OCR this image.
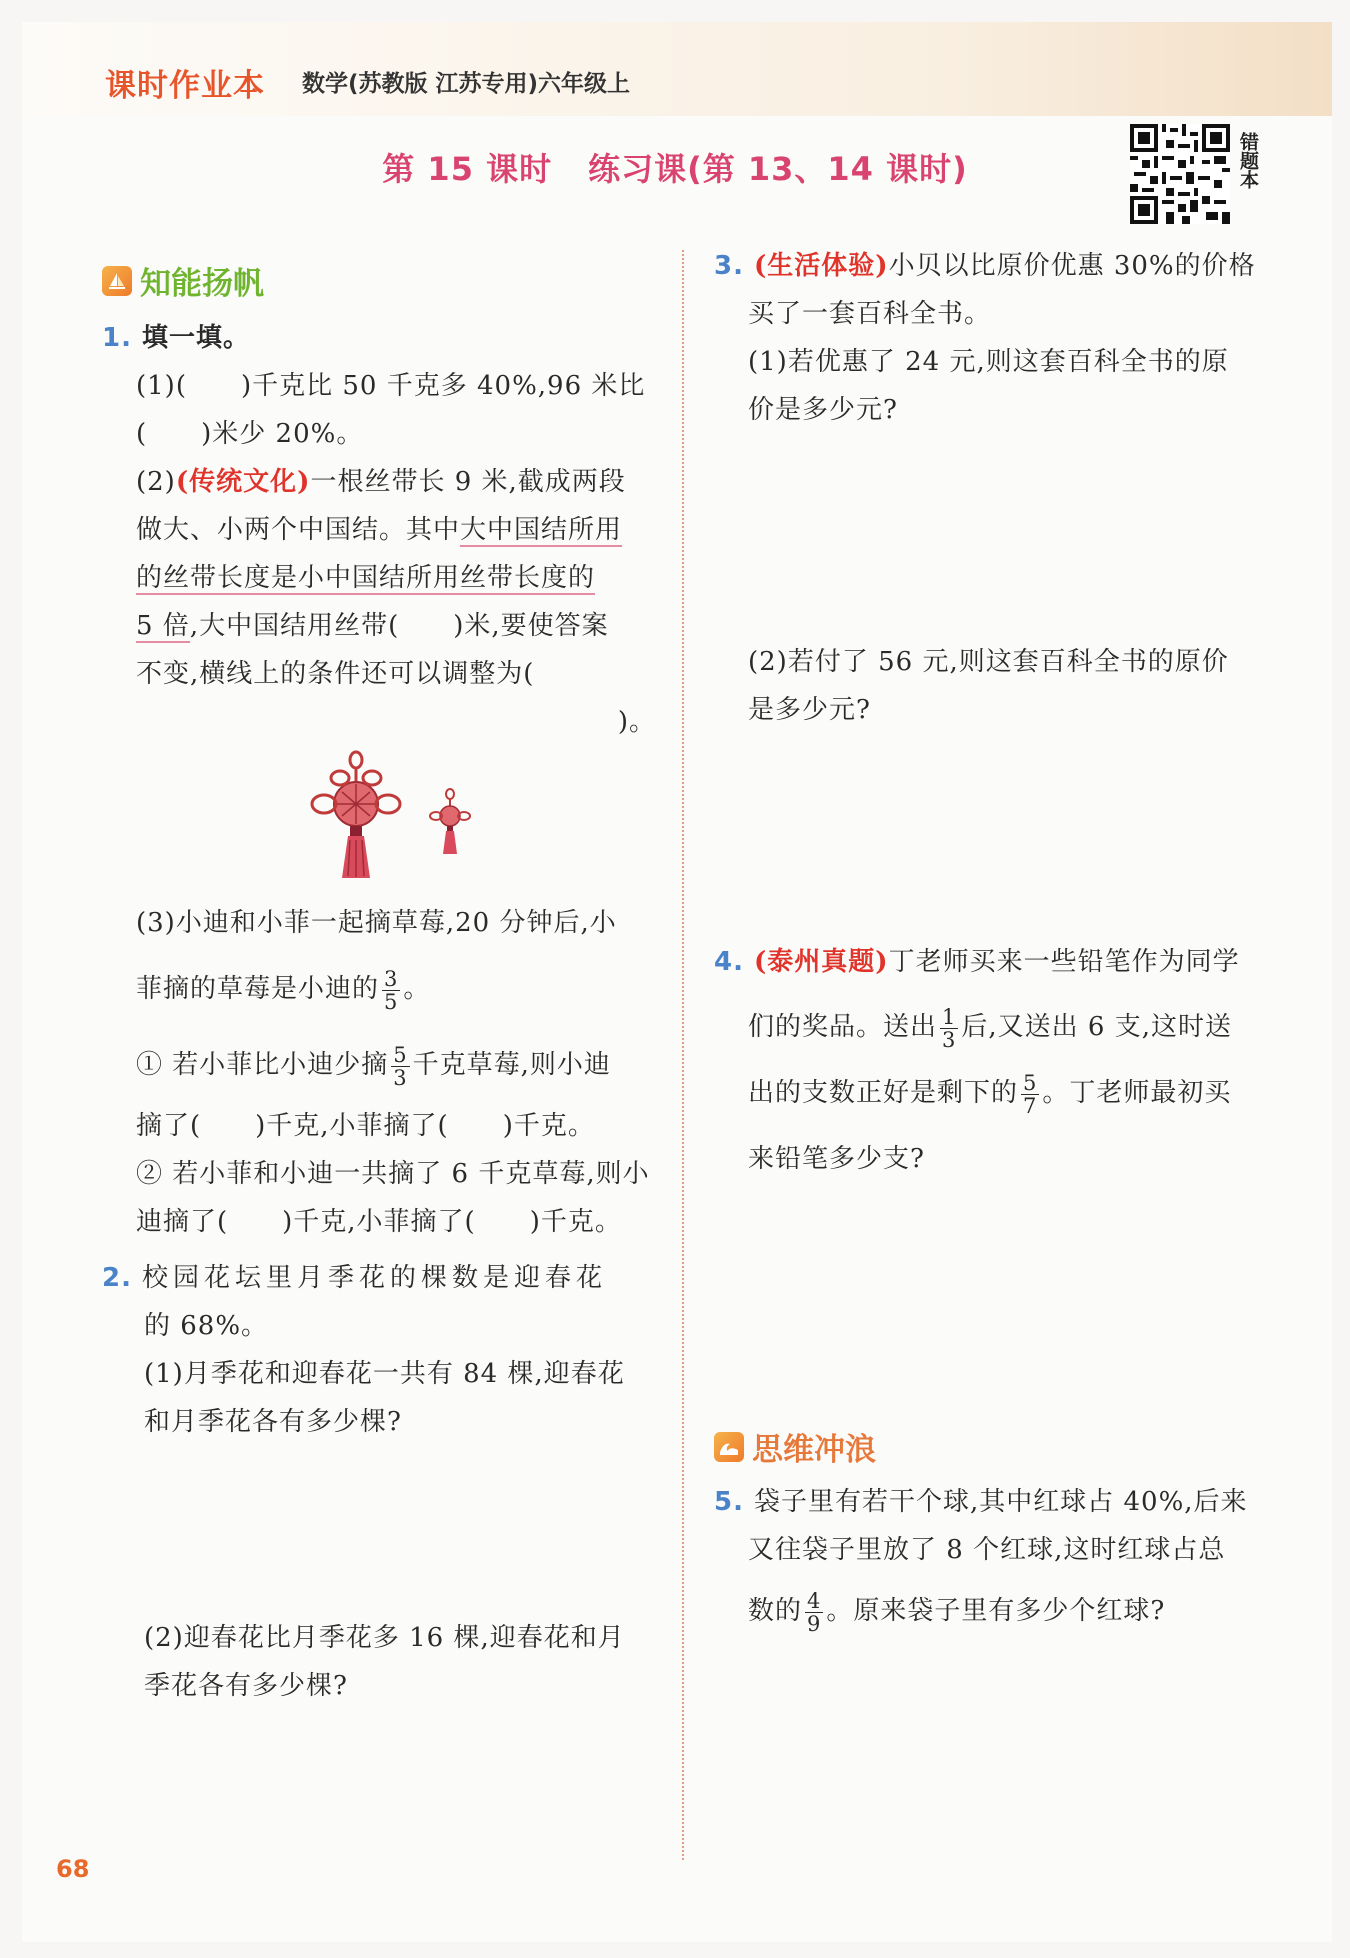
课时作业本 数学(苏教版 江苏专用)六年级上
第 15 课时 练习课(第 13、14 课时)	错题本
知能扬帆
1. 填一填。
(1)(　　)千克比 50 千克多 40%,96 米比
(　　)米少 20%。
(2)(传统文化)一根丝带长 9 米,截成两段
做大、小两个中国结。其中大中国结所用
的丝带长度是小中国结所用丝带长度的
5 倍,大中国结用丝带(　　)米,要使答案
不变,横线上的条件还可以调整为(
)。
(3)小迪和小菲一起摘草莓,20 分钟后,小
菲摘的草莓是小迪的 $\frac{3}{5}$ 。
① 若小菲比小迪少摘 $\frac{5}{3}$ 千克草莓,则小迪
摘了(　　)千克,小菲摘了(　　)千克。
② 若小菲和小迪一共摘了 6 千克草莓,则小
迪摘了(　　)千克,小菲摘了(　　)千克。
2. 校园花坛里月季花的棵数是迎春花
的 68%。
(1)月季花和迎春花一共有 84 棵,迎春花
和月季花各有多少棵?
(2)迎春花比月季花多 16 棵,迎春花和月
季花各有多少棵?
3. (生活体验)小贝以比原价优惠 30%的价格
买了一套百科全书。
(1)若优惠了 24 元,则这套百科全书的原
价是多少元?
(2)若付了 56 元,则这套百科全书的原价
是多少元?
4. (泰州真题)丁老师买来一些铅笔作为同学
们的奖品。送出 $\frac{1}{3}$ 后,又送出 6 支,这时送
出的支数正好是剩下的 $\frac{5}{7}$ 。丁老师最初买
来铅笔多少支?
思维冲浪
5. 袋子里有若干个球,其中红球占 40%,后来
又往袋子里放了 8 个红球,这时红球占总
数的 $\frac{4}{9}$ 。原来袋子里有多少个红球?
68
